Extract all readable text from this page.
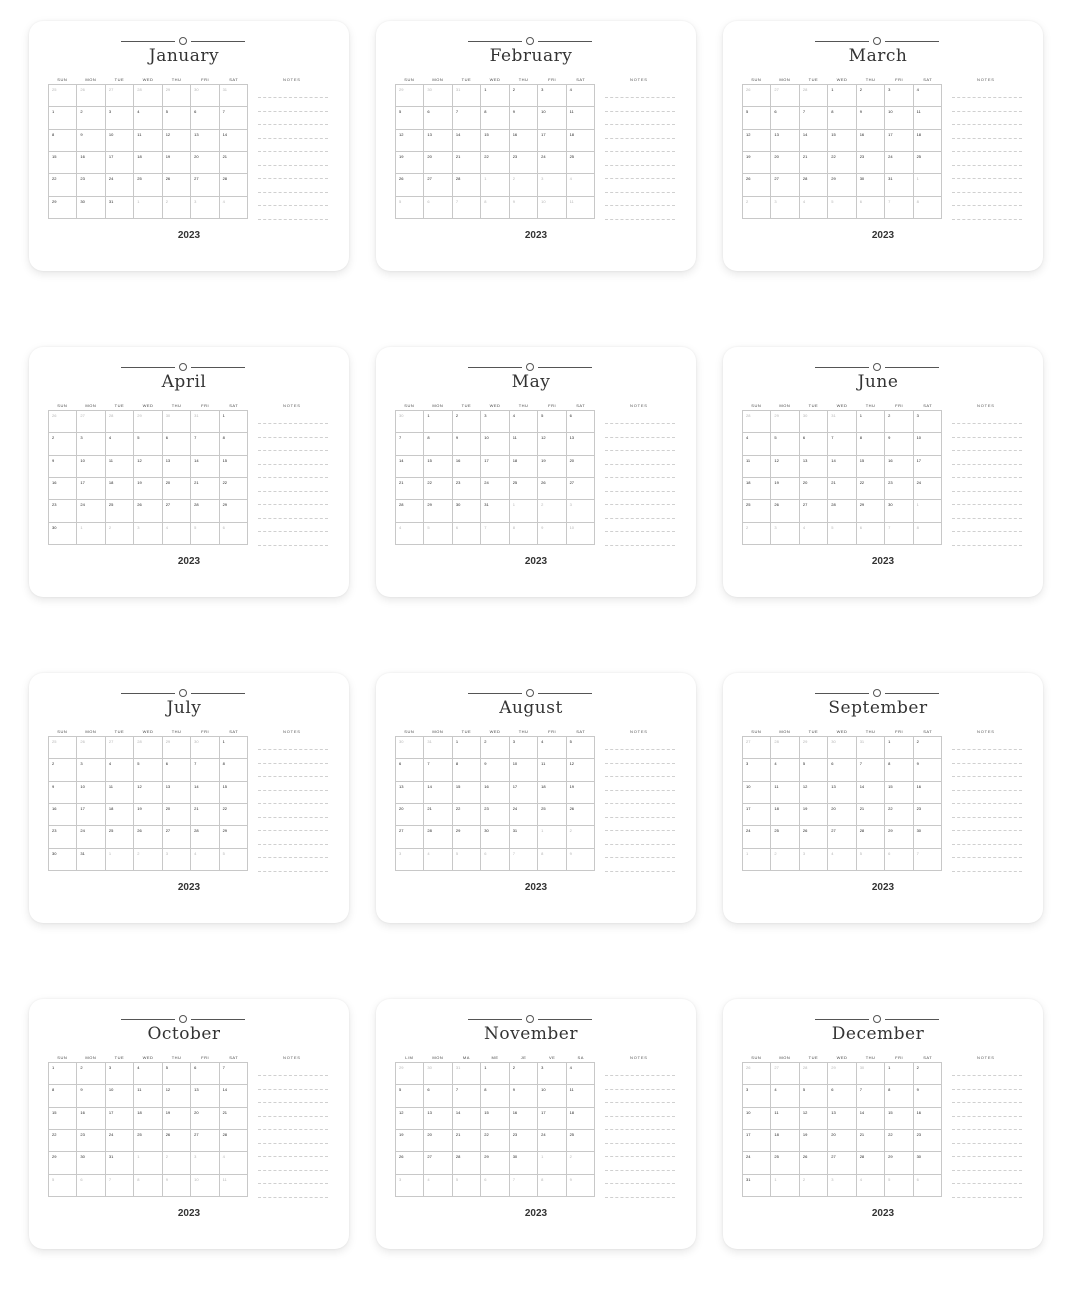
January
SUN	MON	TUE	WED	THU	FRI	SAT
25	26	27	28	29	30	31
1	2	3	4	5	6	7
8	9	10	11	12	13	14
15	16	17	18	19	20	21
22	23	24	25	26	27	28
29	30	31	1	2	3	4
NOTES
2023
February
SUN	MON	TUE	WED	THU	FRI	SAT
29	30	31	1	2	3	4
5	6	7	8	9	10	11
12	13	14	15	16	17	18
19	20	21	22	23	24	25
26	27	28	1	2	3	4
5	6	7	8	9	10	11
NOTES
2023
March
SUN	MON	TUE	WED	THU	FRI	SAT
26	27	28	1	2	3	4
5	6	7	8	9	10	11
12	13	14	15	16	17	18
19	20	21	22	23	24	25
26	27	28	29	30	31	1
2	3	4	5	6	7	8
NOTES
2023
April
SUN	MON	TUE	WED	THU	FRI	SAT
26	27	28	29	30	31	1
2	3	4	5	6	7	8
9	10	11	12	13	14	15
16	17	18	19	20	21	22
23	24	25	26	27	28	29
30	1	2	3	4	5	6
NOTES
2023
May
SUN	MON	TUE	WED	THU	FRI	SAT
30	1	2	3	4	5	6
7	8	9	10	11	12	13
14	15	16	17	18	19	20
21	22	23	24	25	26	27
28	29	30	31	1	2	3
4	5	6	7	8	9	10
NOTES
2023
June
SUN	MON	TUE	WED	THU	FRI	SAT
28	29	30	31	1	2	3
4	5	6	7	8	9	10
11	12	13	14	15	16	17
18	19	20	21	22	23	24
25	26	27	28	29	30	1
2	3	4	5	6	7	8
NOTES
2023
July
SUN	MON	TUE	WED	THU	FRI	SAT
25	26	27	28	29	30	1
2	3	4	5	6	7	8
9	10	11	12	13	14	15
16	17	18	19	20	21	22
23	24	25	26	27	28	29
30	31	1	2	3	4	5
NOTES
2023
August
SUN	MON	TUE	WED	THU	FRI	SAT
30	31	1	2	3	4	5
6	7	8	9	10	11	12
13	14	15	16	17	18	19
20	21	22	23	24	25	26
27	28	29	30	31	1	2
3	4	5	6	7	8	9
NOTES
2023
September
SUN	MON	TUE	WED	THU	FRI	SAT
27	28	29	30	31	1	2
3	4	5	6	7	8	9
10	11	12	13	14	15	16
17	18	19	20	21	22	23
24	25	26	27	28	29	30
1	2	3	4	5	6	7
NOTES
2023
October
SUN	MON	TUE	WED	THU	FRI	SAT
1	2	3	4	5	6	7
8	9	10	11	12	13	14
15	16	17	18	19	20	21
22	23	24	25	26	27	28
29	30	31	1	2	3	4
5	6	7	8	9	10	11
NOTES
2023
November
L/M	MON	MA	ME	JE	VE	SA
29	30	31	1	2	3	4
5	6	7	8	9	10	11
12	13	14	15	16	17	18
19	20	21	22	23	24	25
26	27	28	29	30	1	2
3	4	5	6	7	8	9
NOTES
2023
December
SUN	MON	TUE	WED	THU	FRI	SAT
26	27	28	29	30	1	2
3	4	5	6	7	8	9
10	11	12	13	14	15	16
17	18	19	20	21	22	23
24	25	26	27	28	29	30
31	1	2	3	4	5	6
NOTES
2023
